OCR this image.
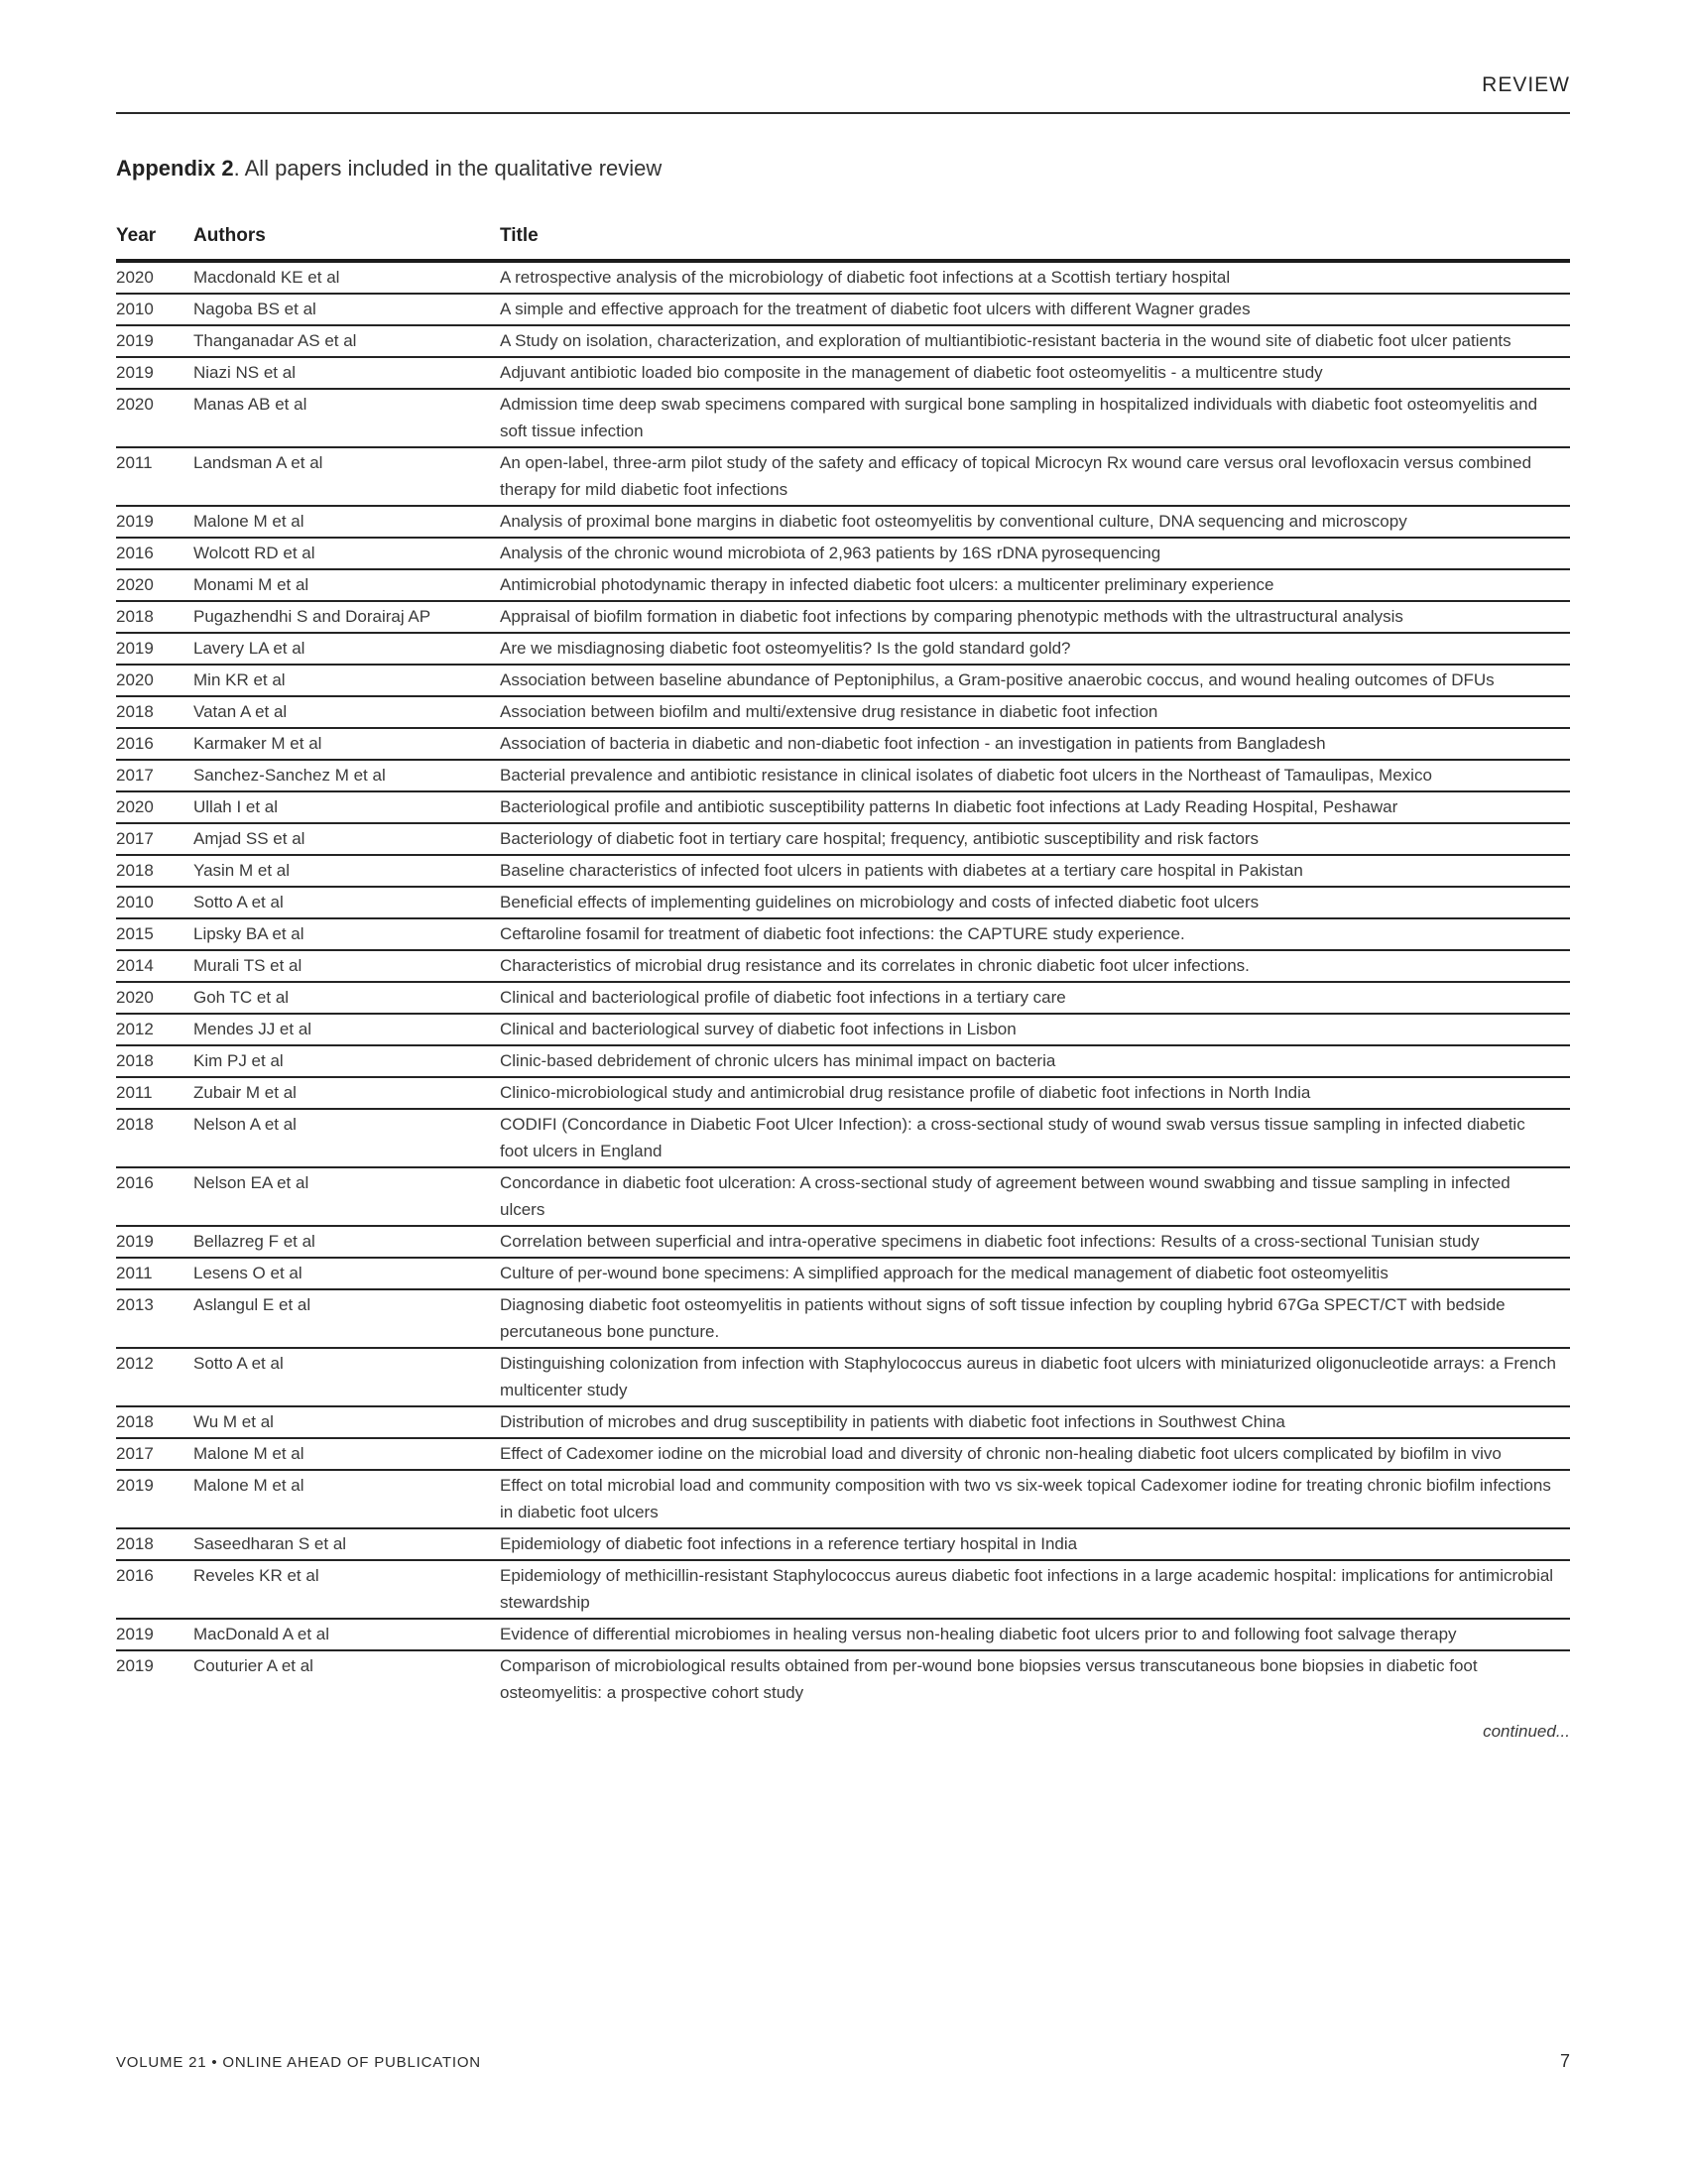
REVIEW
Appendix 2. All papers included in the qualitative review
Year	Authors	Title
2020	Macdonald KE et al	A retrospective analysis of the microbiology of diabetic foot infections at a Scottish tertiary hospital
2010	Nagoba BS et al	A simple and effective approach for the treatment of diabetic foot ulcers with different Wagner grades
2019	Thanganadar AS et al	A Study on isolation, characterization, and exploration of multiantibiotic-resistant bacteria in the wound site of diabetic foot ulcer patients
2019	Niazi NS et al	Adjuvant antibiotic loaded bio composite in the management of diabetic foot osteomyelitis - a multicentre study
2020	Manas AB et al	Admission time deep swab specimens compared with surgical bone sampling in hospitalized individuals with diabetic foot osteomyelitis and soft tissue infection
2011	Landsman A et al	An open-label, three-arm pilot study of the safety and efficacy of topical Microcyn Rx wound care versus oral levofloxacin versus combined therapy for mild diabetic foot infections
2019	Malone M et al	Analysis of proximal bone margins in diabetic foot osteomyelitis by conventional culture, DNA sequencing and microscopy
2016	Wolcott RD et al	Analysis of the chronic wound microbiota of 2,963 patients by 16S rDNA pyrosequencing
2020	Monami M et al	Antimicrobial photodynamic therapy in infected diabetic foot ulcers: a multicenter preliminary experience
2018	Pugazhendhi S and Dorairaj AP	Appraisal of biofilm formation in diabetic foot infections by comparing phenotypic methods with the ultrastructural analysis
2019	Lavery LA et al	Are we misdiagnosing diabetic foot osteomyelitis? Is the gold standard gold?
2020	Min KR et al	Association between baseline abundance of Peptoniphilus, a Gram-positive anaerobic coccus, and wound healing outcomes of DFUs
2018	Vatan A et al	Association between biofilm and multi/extensive drug resistance in diabetic foot infection
2016	Karmaker M et al	Association of bacteria in diabetic and non-diabetic foot infection - an investigation in patients from Bangladesh
2017	Sanchez-Sanchez M et al	Bacterial prevalence and antibiotic resistance in clinical isolates of diabetic foot ulcers in the Northeast of Tamaulipas, Mexico
2020	Ullah I et al	Bacteriological profile and antibiotic susceptibility patterns In diabetic foot infections at Lady Reading Hospital, Peshawar
2017	Amjad SS et al	Bacteriology of diabetic foot in tertiary care hospital; frequency, antibiotic susceptibility and risk factors
2018	Yasin M et al	Baseline characteristics of infected foot ulcers in patients with diabetes at a tertiary care hospital in Pakistan
2010	Sotto A et al	Beneficial effects of implementing guidelines on microbiology and costs of infected diabetic foot ulcers
2015	Lipsky BA et al	Ceftaroline fosamil for treatment of diabetic foot infections: the CAPTURE study experience.
2014	Murali TS et al	Characteristics of microbial drug resistance and its correlates in chronic diabetic foot ulcer infections.
2020	Goh TC et al	Clinical and bacteriological profile of diabetic foot infections in a tertiary care
2012	Mendes JJ et al	Clinical and bacteriological survey of diabetic foot infections in Lisbon
2018	Kim PJ et al	Clinic-based debridement of chronic ulcers has minimal impact on bacteria
2011	Zubair M et al	Clinico-microbiological study and antimicrobial drug resistance profile of diabetic foot infections in North India
2018	Nelson A et al	CODIFI (Concordance in Diabetic Foot Ulcer Infection): a cross-sectional study of wound swab versus tissue sampling in infected diabetic foot ulcers in England
2016	Nelson EA et al	Concordance in diabetic foot ulceration: A cross-sectional study of agreement between wound swabbing and tissue sampling in infected ulcers
2019	Bellazreg F et al	Correlation between superficial and intra-operative specimens in diabetic foot infections: Results of a cross-sectional Tunisian study
2011	Lesens O et al	Culture of per-wound bone specimens: A simplified approach for the medical management of diabetic foot osteomyelitis
2013	Aslangul E et al	Diagnosing diabetic foot osteomyelitis in patients without signs of soft tissue infection by coupling hybrid 67Ga SPECT/CT with bedside percutaneous bone puncture.
2012	Sotto A et al	Distinguishing colonization from infection with Staphylococcus aureus in diabetic foot ulcers with miniaturized oligonucleotide arrays: a French multicenter study
2018	Wu M et al	Distribution of microbes and drug susceptibility in patients with diabetic foot infections in Southwest China
2017	Malone M et al	Effect of Cadexomer iodine on the microbial load and diversity of chronic non-healing diabetic foot ulcers complicated by biofilm in vivo
2019	Malone M et al	Effect on total microbial load and community composition with two vs six-week topical Cadexomer iodine for treating chronic biofilm infections in diabetic foot ulcers
2018	Saseedharan S et al	Epidemiology of diabetic foot infections in a reference tertiary hospital in India
2016	Reveles KR et al	Epidemiology of methicillin-resistant Staphylococcus aureus diabetic foot infections in a large academic hospital: implications for antimicrobial stewardship
2019	MacDonald A et al	Evidence of differential microbiomes in healing versus non-healing diabetic foot ulcers prior to and following foot salvage therapy
2019	Couturier A et al	Comparison of microbiological results obtained from per-wound bone biopsies versus transcutaneous bone biopsies in diabetic foot osteomyelitis: a prospective cohort study
continued...
VOLUME 21 • ONLINE AHEAD OF PUBLICATION	7
